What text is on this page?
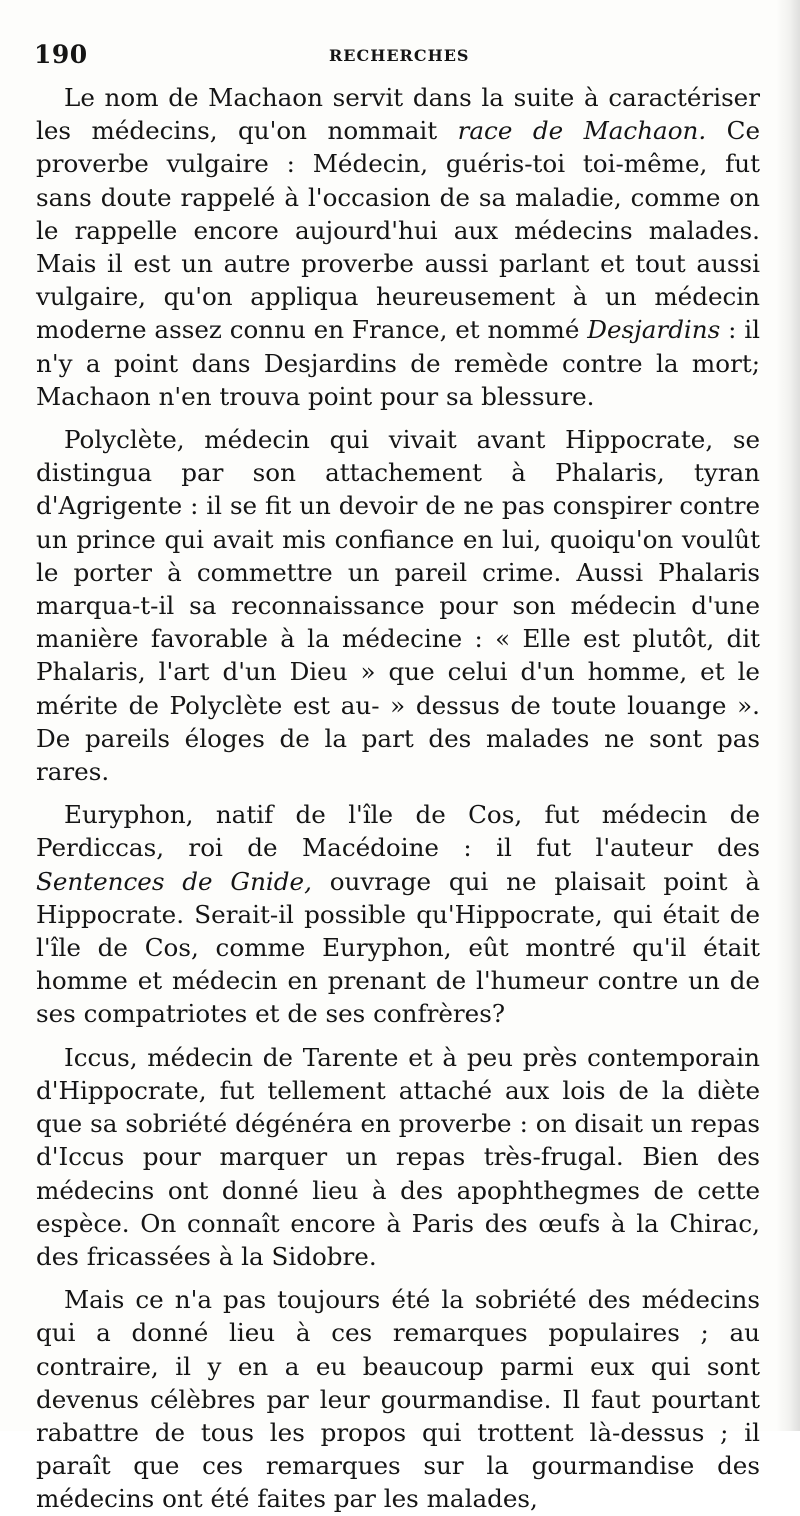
190	RECHERCHES

Le nom de Machaon servit dans la suite à caractériser les médecins, qu'on nommait race de Machaon. Ce proverbe vulgaire : Médecin, guéris-toi toi-même, fut sans doute rappelé à l'occasion de sa maladie, comme on le rappelle encore aujourd'hui aux médecins malades. Mais il est un autre proverbe aussi parlant et tout aussi vulgaire, qu'on appliqua heureusement à un médecin moderne assez connu en France, et nommé Desjardins : il n'y a point dans Desjardins de remède contre la mort; Machaon n'en trouva point pour sa blessure.

Polyclète, médecin qui vivait avant Hippocrate, se distingua par son attachement à Phalaris, tyran d'Agrigente : il se fit un devoir de ne pas conspirer contre un prince qui avait mis confiance en lui, quoiqu'on voulût le porter à commettre un pareil crime. Aussi Phalaris marqua-t-il sa reconnaissance pour son médecin d'une manière favorable à la médecine : « Elle est plutôt, dit Phalaris, l'art d'un Dieu » que celui d'un homme, et le mérite de Polyclète est au- » dessus de toute louange ». De pareils éloges de la part des malades ne sont pas rares.

Euryphon, natif de l'île de Cos, fut médecin de Perdiccas, roi de Macédoine : il fut l'auteur des Sentences de Gnide, ouvrage qui ne plaisait point à Hippocrate. Serait-il possible qu'Hippocrate, qui était de l'île de Cos, comme Euryphon, eût montré qu'il était homme et médecin en prenant de l'humeur contre un de ses compatriotes et de ses confrères?

Iccus, médecin de Tarente et à peu près contemporain d'Hippocrate, fut tellement attaché aux lois de la diète que sa sobriété dégénéra en proverbe : on disait un repas d'Iccus pour marquer un repas très-frugal. Bien des médecins ont donné lieu à des apophthegmes de cette espèce. On connaît encore à Paris des œufs à la Chirac, des fricassées à la Sidobre.

Mais ce n'a pas toujours été la sobriété des médecins qui a donné lieu à ces remarques populaires ; au contraire, il y en a eu beaucoup parmi eux qui sont devenus célèbres par leur gourmandise. Il faut pourtant rabattre de tous les propos qui trottent là-dessus ; il paraît que ces remarques sur la gourmandise des médecins ont été faites par les malades,
